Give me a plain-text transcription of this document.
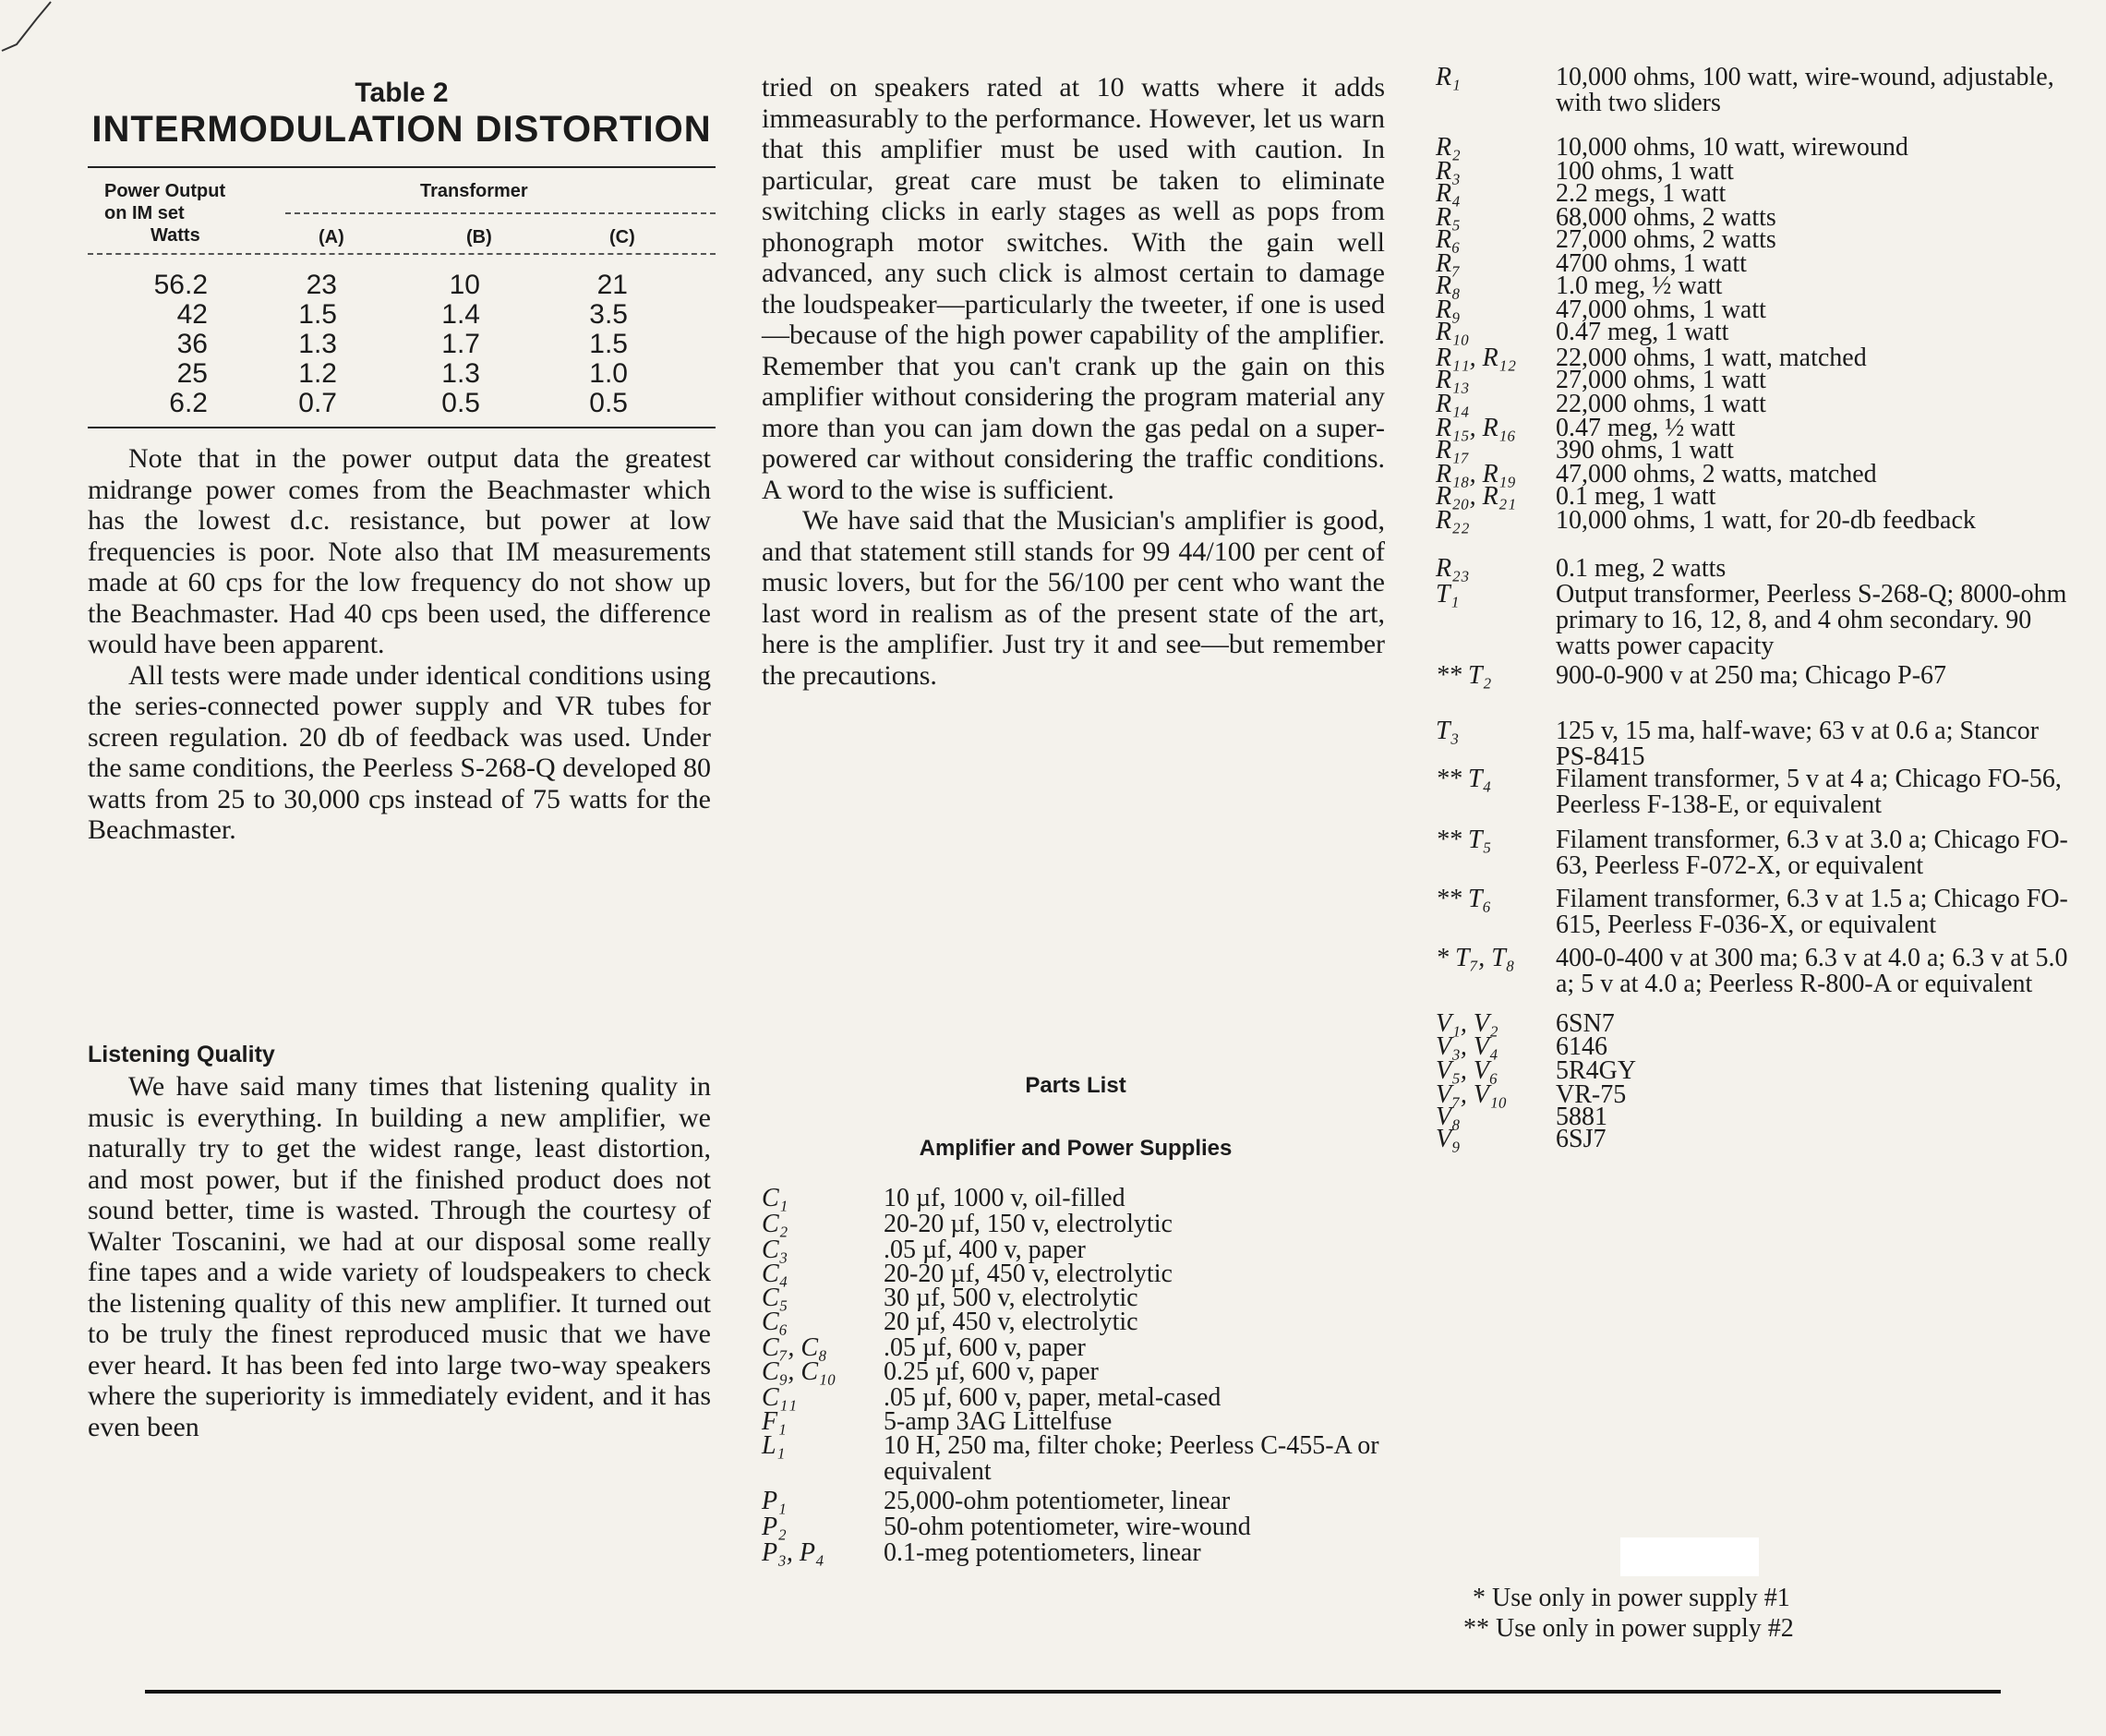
Table 2
INTERMODULATION DISTORTION
Power Output
on IM set
Watts
Transformer
(A)	(B)	(C)
56.2	23	10	21
42	1.5	1.4	3.5
36	1.3	1.7	1.5
25	1.2	1.3	1.0
6.2	0.7	0.5	0.5

Note that in the power output data the greatest midrange power comes from the Beachmaster which has the lowest d.c. resistance, but power at low frequencies is poor. Note also that IM measurements made at 60 cps for the low frequency do not show up the Beachmaster. Had 40 cps been used, the difference would have been apparent.

All tests were made under identical conditions using the series-connected power supply and VR tubes for screen regulation. 20 db of feedback was used. Under the same conditions, the Peerless S-268-Q developed 80 watts from 25 to 30,000 cps instead of 75 watts for the Beachmaster.

Listening Quality

We have said many times that listening quality in music is everything. In building a new amplifier, we naturally try to get the widest range, least distortion, and most power, but if the finished product does not sound better, time is wasted. Through the courtesy of Walter Toscanini, we had at our disposal some really fine tapes and a wide variety of loudspeakers to check the listening quality of this new amplifier. It turned out to be truly the finest reproduced music that we have ever heard. It has been fed into large two-way speakers where the superiority is immediately evident, and it has even been

tried on speakers rated at 10 watts where it adds immeasurably to the performance. However, let us warn that this amplifier must be used with caution. In particular, great care must be taken to eliminate switching clicks in early stages as well as pops from phonograph motor switches. With the gain well advanced, any such click is almost certain to damage the loudspeaker—particularly the tweeter, if one is used—because of the high power capability of the amplifier. Remember that you can't crank up the gain on this amplifier without considering the program material any more than you can jam down the gas pedal on a super-powered car without considering the traffic conditions. A word to the wise is sufficient.

We have said that the Musician's amplifier is good, and that statement still stands for 99 44/100 per cent of music lovers, but for the 56/100 per cent who want the last word in realism as of the present state of the art, here is the amplifier. Just try it and see—but remember the precautions.

Parts List
Amplifier and Power Supplies
C₁	10 µf, 1000 v, oil-filled
C₂	20-20 µf, 150 v, electrolytic
C₃	.05 µf, 400 v, paper
C₄	20-20 µf, 450 v, electrolytic
C₅	30 µf, 500 v, electrolytic
C₆	20 µf, 450 v, electrolytic
C₇, C₈ .05 µf, 600 v, paper
C₉, C₁₀ 0.25 µf, 600 v, paper
C₁₁	.05 µf, 600 v, paper, metal-cased
F₁	5-amp 3AG Littelfuse
L₁	10 H, 250 ma, filter choke; Peerless C-455-A or equivalent
P₁	25,000-ohm potentiometer, linear
P₂	50-ohm potentiometer, wire-wound
P₃, P₄ 0.1-meg potentiometers, linear
R₁	10,000 ohms, 100 watt, wire-wound, adjustable, with two sliders
R₂	10,000 ohms, 10 watt, wirewound
R₃	100 ohms, 1 watt
R₄	2.2 megs, 1 watt
R₅	68,000 ohms, 2 watts
R₆	27,000 ohms, 2 watts
R₇	4700 ohms, 1 watt
R₈	1.0 meg, ½ watt
R₉	47,000 ohms, 1 watt
R₁₀	0.47 meg, 1 watt
R₁₁, R₁₂ 22,000 ohms, 1 watt, matched
R₁₃	27,000 ohms, 1 watt
R₁₄	22,000 ohms, 1 watt
R₁₅, R₁₆ 0.47 meg, ½ watt
R₁₇	390 ohms, 1 watt
R₁₈, R₁₉ 47,000 ohms, 2 watts, matched
R₂₀, R₂₁ 0.1 meg, 1 watt
R₂₂	10,000 ohms, 1 watt, for 20-db feedback
R₂₃	0.1 meg, 2 watts
T₁	Output transformer, Peerless S-268-Q; 8000-ohm primary to 16, 12, 8, and 4 ohm secondary. 90 watts power capacity
** T₂ 900-0-900 v at 250 ma; Chicago P-67
T₃	125 v, 15 ma, half-wave; 63 v at 0.6 a; Stancor PS-8415
** T₄ Filament transformer, 5 v at 4 a; Chicago FO-56, Peerless F-138-E, or equivalent
** T₅ Filament transformer, 6.3 v at 3.0 a; Chicago FO-63, Peerless F-072-X, or equivalent
** T₆ Filament transformer, 6.3 v at 1.5 a; Chicago FO-615, Peerless F-036-X, or equivalent
* T₇, T₈ 400-0-400 v at 300 ma; 6.3 v at 4.0 a; 6.3 v at 5.0 a; 5 v at 4.0 a; Peerless R-800-A or equivalent
V₁, V₂ 6SN7
V₃, V₄ 6146
V₅, V₆ 5R4GY
V₇, V₁₀ VR-75
V₈	5881
V₉	6SJ7
* Use only in power supply #1
** Use only in power supply #2
